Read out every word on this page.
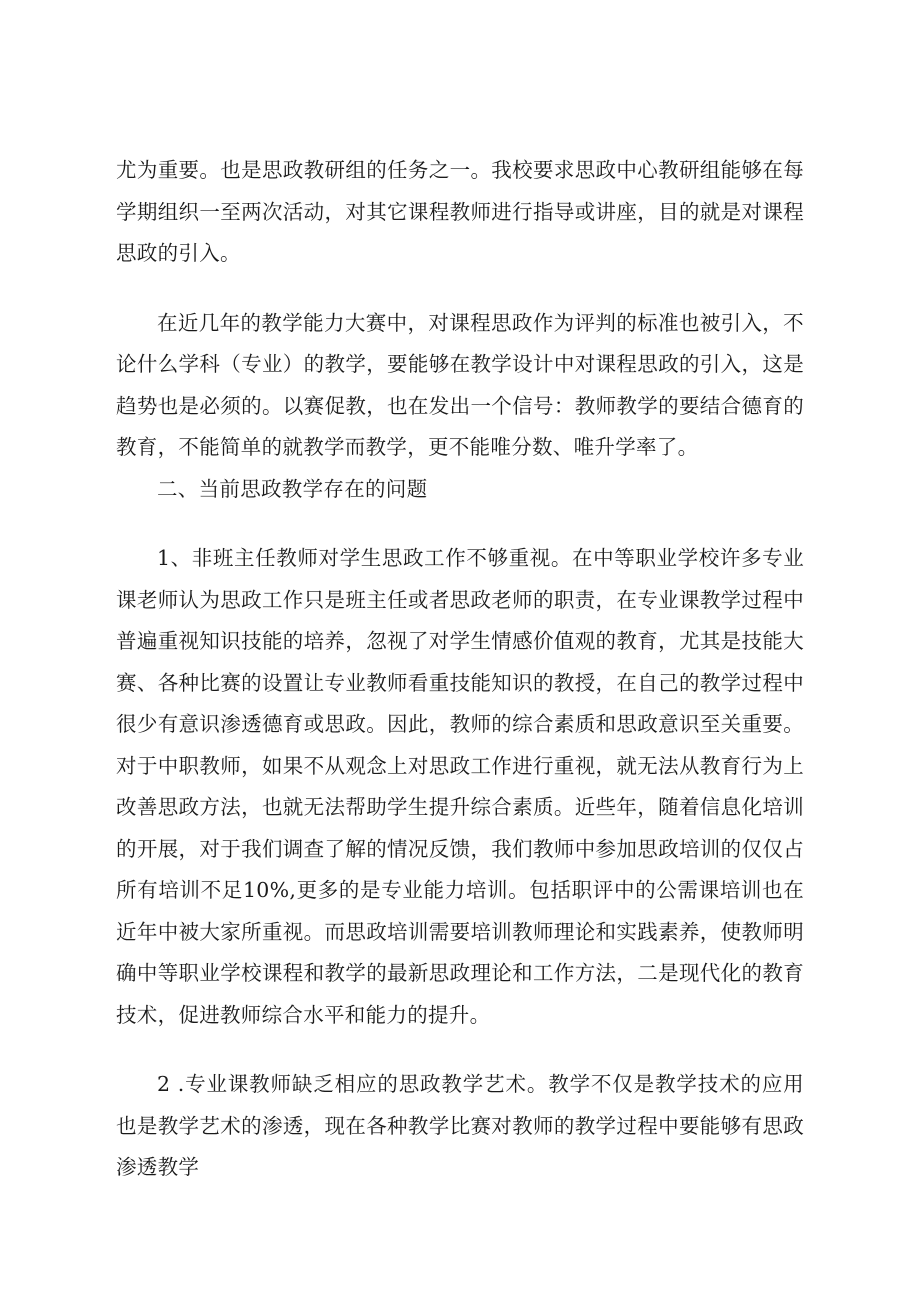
尤为重要。也是思政教研组的任务之一。我校要求思政中心教研组能够在每学期组织一至两次活动，对其它课程教师进行指导或讲座，目的就是对课程思政的引入。

在近几年的教学能力大赛中，对课程思政作为评判的标准也被引入，不论什么学科（专业）的教学，要能够在教学设计中对课程思政的引入，这是趋势也是必须的。以赛促教，也在发出一个信号：教师教学的要结合德育的教育，不能简单的就教学而教学，更不能唯分数、唯升学率了。

二、当前思政教学存在的问题

1、非班主任教师对学生思政工作不够重视。在中等职业学校许多专业课老师认为思政工作只是班主任或者思政老师的职责，在专业课教学过程中普遍重视知识技能的培养，忽视了对学生情感价值观的教育，尤其是技能大赛、各种比赛的设置让专业教师看重技能知识的教授，在自己的教学过程中很少有意识渗透德育或思政。因此，教师的综合素质和思政意识至关重要。对于中职教师，如果不从观念上对思政工作进行重视，就无法从教育行为上改善思政方法，也就无法帮助学生提升综合素质。近些年，随着信息化培训的开展，对于我们调查了解的情况反馈，我们教师中参加思政培训的仅仅占所有培训不足10%,更多的是专业能力培训。包括职评中的公需课培训也在近年中被大家所重视。而思政培训需要培训教师理论和实践素养，使教师明确中等职业学校课程和教学的最新思政理论和工作方法，二是现代化的教育技术，促进教师综合水平和能力的提升。

2 .专业课教师缺乏相应的思政教学艺术。教学不仅是教学技术的应用也是教学艺术的渗透，现在各种教学比赛对教师的教学过程中要能够有思政渗透教学
